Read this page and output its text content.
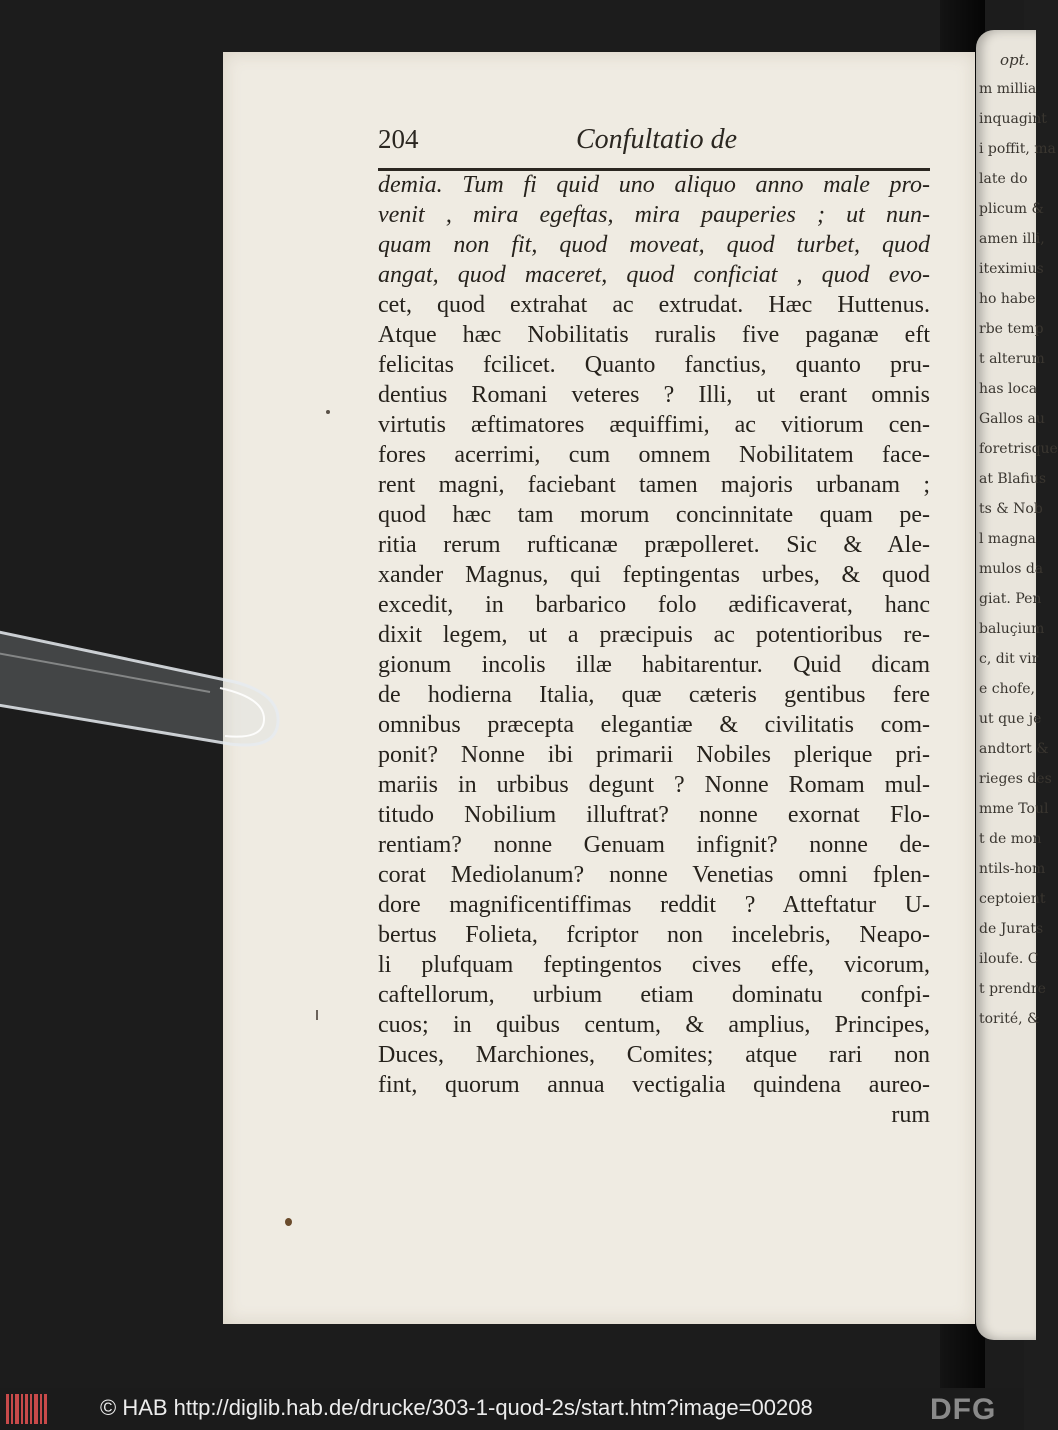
opt.
m millia
inquagint
i poffit, ma
late do
plicum &
amen illi,
iteximius
ho habe
rbe temp
t alterum
has loca
Gallos au
foretrisque
at Blafius
ts & Nob
l magna
mulos da
giat. Pen
baluçium
c, dit vir
e chofe,
ut que je
andtort &
rieges des
mme Toul
t de mon
ntils-hom
ceptoient
de Jurats
iloufe. C
t prendre
torité, &
204	Confultatio de
demia. Tum fi quid uno aliquo anno male pro-
venit , mira egeftas, mira pauperies ; ut nun-
quam non fit, quod moveat, quod turbet, quod
angat, quod maceret, quod conficiat , quod evo-
cet, quod extrahat ac extrudat. Hæc Huttenus.
Atque hæc Nobilitatis ruralis five paganæ eft
felicitas fcilicet. Quanto fanctius, quanto pru-
dentius Romani veteres ? Illi, ut erant omnis
virtutis æftimatores æquiffimi, ac vitiorum cen-
fores acerrimi, cum omnem Nobilitatem face-
rent magni, faciebant tamen majoris urbanam ;
quod hæc tam morum concinnitate quam pe-
ritia rerum rufticanæ præpolleret. Sic & Ale-
xander Magnus, qui feptingentas urbes, & quod
excedit, in barbarico folo ædificaverat, hanc
dixit legem, ut a præcipuis ac potentioribus re-
gionum incolis illæ habitarentur. Quid dicam
de hodierna Italia, quæ cæteris gentibus fere
omnibus præcepta elegantiæ & civilitatis com-
ponit? Nonne ibi primarii Nobiles plerique pri-
mariis in urbibus degunt ? Nonne Romam mul-
titudo Nobilium illuftrat? nonne exornat Flo-
rentiam? nonne Genuam infignit? nonne de-
corat Mediolanum? nonne Venetias omni fplen-
dore magnificentiffimas reddit ? Atteftatur U-
bertus Folieta, fcriptor non incelebris, Neapo-
li plufquam feptingentos cives effe, vicorum,
caftellorum, urbium etiam dominatu confpi-
cuos; in quibus centum, & amplius, Principes,
Duces, Marchiones, Comites; atque rari non
fint, quorum annua vectigalia quindena aureo-
rum
© HAB http://diglib.hab.de/drucke/303-1-quod-2s/start.htm?image=00208	DFG
